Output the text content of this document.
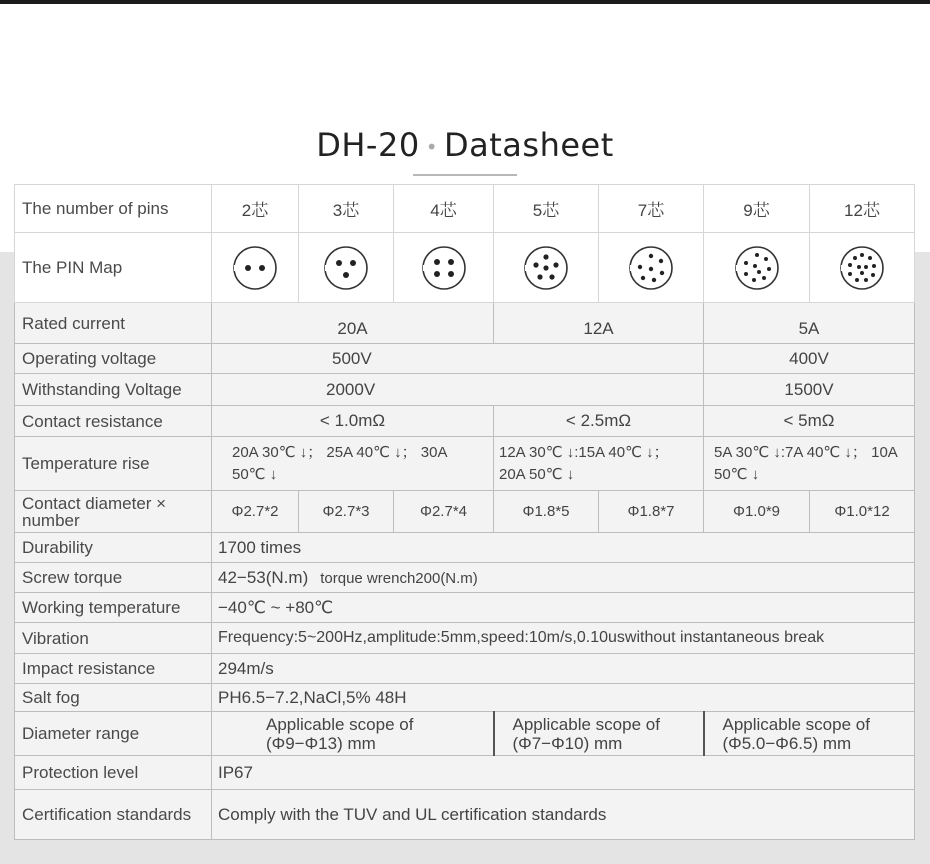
DH-20 • Datasheet
The number of pins	2芯	3芯	4芯	5芯	7芯	9芯	12芯
The PIN Map	

Rated current	20A			12A		5A	
Operating voltage	500V					400V	
Withstanding Voltage	2000V					1500V	
Contact resistance	< 1.0mΩ			< 2.5mΩ		< 5mΩ	
Temperature rise	20A 30℃ ↓； 25A 40℃ ↓； 30A 50℃ ↓			12A 30℃ ↓:15A 40℃ ↓； 20A 50℃ ↓		5A 30℃ ↓:7A 40℃ ↓； 10A 50℃ ↓	
Contact diameter × number	Φ2.7*2	Φ2.7*3	Φ2.7*4	Φ1.8*5	Φ1.8*7	Φ1.0*9	Φ1.0*12
Durability	1700 times						
Screw torque	42−53(N.m) torque wrench200(N.m)						
Working temperature	−40℃ ~ +80℃						
Vibration	Frequency:5~200Hz,amplitude:5mm,speed:10m/s,0.10uswithout instantaneous break						
Impact resistance	294m/s						
Salt fog	PH6.5−7.2,NaCl,5% 48H						
Diameter range	Applicable scope of (Φ9−Φ13) mm			Applicable scope of (Φ7−Φ10) mm		Applicable scope of (Φ5.0−Φ6.5) mm	
Protection level	IP67						
Certification standards	Comply with the TUV and UL certification standards						
